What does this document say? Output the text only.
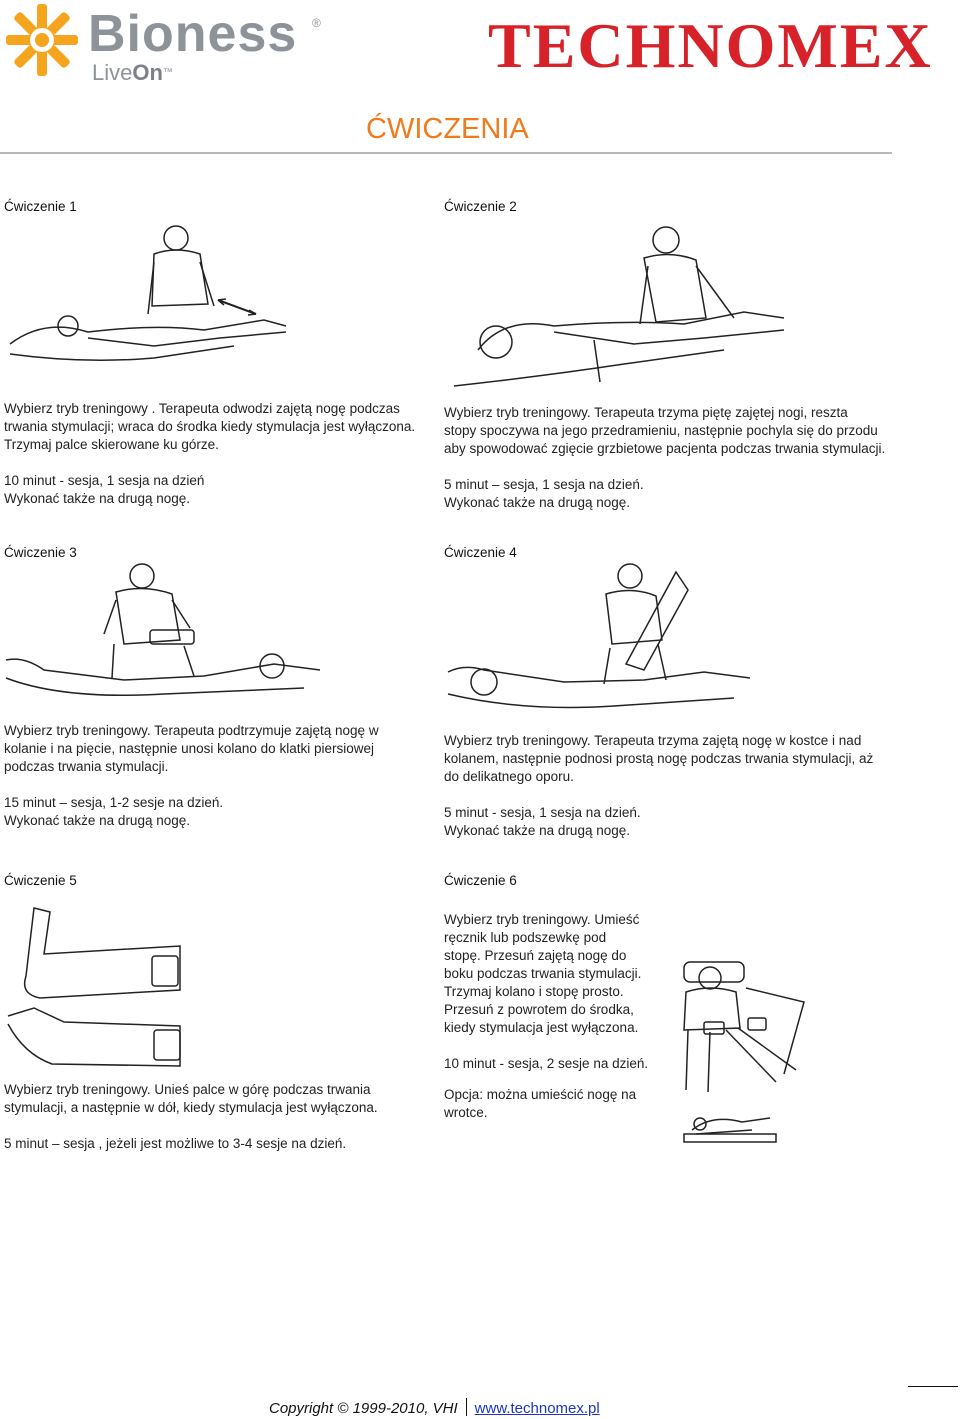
Bioness ®
LiveOn™	TECHNOMEX
ĆWICZENIA
Ćwiczenie 1

Wybierz tryb treningowy . Terapeuta odwodzi zajętą nogę podczas

trwania stymulacji; wraca do środka kiedy stymulacja jest wyłączona.

Trzymaj palce skierowane ku górze.

10 minut - sesja, 1 sesja na dzień

Wykonać także na drugą nogę.

Ćwiczenie 2

Wybierz tryb treningowy. Terapeuta trzyma piętę zajętej nogi, reszta

stopy spoczywa na jego przedramieniu, następnie pochyla się do przodu

aby spowodować zgięcie grzbietowe pacjenta podczas trwania stymulacji.

5 minut – sesja, 1 sesja na dzień.

Wykonać także na drugą nogę.

Ćwiczenie 3

Wybierz tryb treningowy. Terapeuta podtrzymuje zajętą nogę w

kolanie i na pięcie, następnie unosi kolano do klatki piersiowej

podczas trwania stymulacji.

15 minut – sesja, 1-2 sesje na dzień.

Wykonać także na drugą nogę.

Ćwiczenie 4

Wybierz tryb treningowy. Terapeuta trzyma zajętą nogę w kostce i nad

kolanem, następnie podnosi prostą nogę podczas trwania stymulacji, aż

do delikatnego oporu.

5 minut - sesja, 1 sesja na dzień.

Wykonać także na drugą nogę.

Ćwiczenie 5

Wybierz tryb treningowy. Unieś palce w górę podczas trwania

stymulacji, a następnie w dół, kiedy stymulacja jest wyłączona.

5 minut – sesja , jeżeli jest możliwe to 3-4 sesje na dzień.

Ćwiczenie 6

Wybierz tryb treningowy. Umieść

ręcznik lub podszewkę pod

stopę. Przesuń zajętą nogę do

boku podczas trwania stymulacji.

Trzymaj kolano i stopę prosto.

Przesuń z powrotem do środka,

kiedy stymulacja jest wyłączona.

10 minut - sesja, 2 sesje na dzień.

Opcja: można umieścić nogę na

wrotce.

Copyright © 1999-2010, VHI www.technomex.pl
